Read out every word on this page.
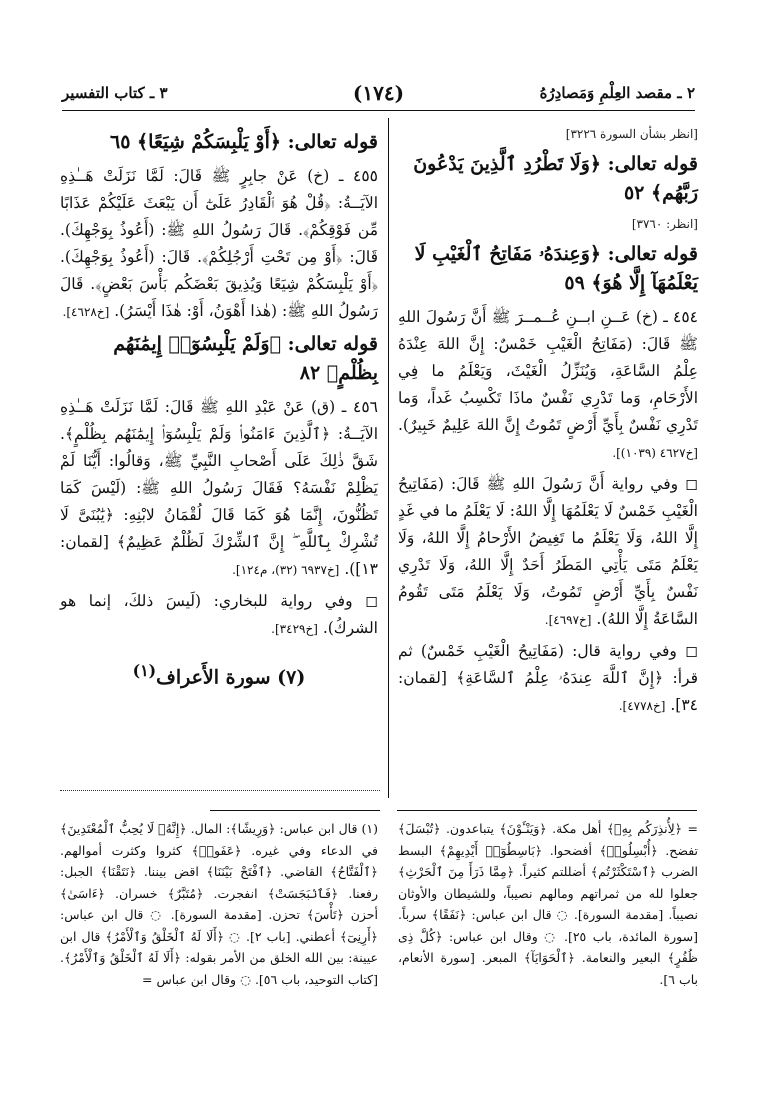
٢ ـ مقصد العِلْمِ وَمَصادِرُهُ
(١٧٤)
٣ ـ كتاب التفسير
[انظر بشأن السورة ٣٢٢٦]
قوله تعالى: ﴿وَلَا تَطْرُدِ ٱلَّذِينَ يَدْعُونَ رَبَّهُم﴾ ٥٢
[انظر: ٣٧٦٠]
قوله تعالى: ﴿وَعِندَهُۥ مَفَاتِحُ ٱلْغَيْبِ لَا يَعْلَمُهَآ إِلَّا هُوَ﴾ ٥٩

٤٥٤ ـ (خ) عَــنِ ابــنِ عُــمــرَ ﷺ أَنَّ رَسُولَ اللهِ ﷺ قَالَ: (مَفَاتِحُ الْغَيْبِ خَمْسٌ: إِنَّ اللهَ عِنْدَهُ عِلْمُ السَّاعَةِ، وَيُنَزِّلُ الْغَيْثَ، وَيَعْلَمُ ما فِي الأَرْحَامِ، وَما تَدْرِي نَفْسٌ ماذَا تَكْسِبُ غَداً، وَما تَدْرِي نَفْسٌ بِأَيِّ أَرْضٍ تَمُوتُ إِنَّ اللهَ عَلِيمٌ خَبِيرٌ). [خ٤٦٢٧ (١٠٣٩)].

◻ وفي رواية أَنَّ رَسُولَ اللهِ ﷺ قَالَ: (مَفَاتِيحُ الْغَيْبِ خَمْسٌ لَا يَعْلَمُهَا إِلَّا اللهُ: لَا يَعْلَمُ ما في غَدٍ إِلَّا اللهُ، وَلَا يَعْلَمُ ما تَغِيضُ الأَرْحامُ إِلَّا اللهُ، وَلَا يَعْلَمُ مَتَى يَأْتِي المَطَرُ أَحَدٌ إِلَّا اللهُ، وَلَا تَدْرِي نَفْسٌ بِأَيِّ أَرْضٍ تَمُوتُ، وَلَا يَعْلَمُ مَتَى تَقُومُ السَّاعَةُ إِلَّا اللهُ). [خ٤٦٩٧].

◻ وفي رواية قال: (مَفَاتِيحُ الْغَيْبِ خَمْسٌ) ثم قرأ: ﴿إِنَّ ٱللَّهَ عِندَهُۥ عِلْمُ ٱلسَّاعَةِ﴾ [لقمان: ٣٤]. [خ٤٧٧٨].

قوله تعالى: ﴿أَوْ يَلْبِسَكُمْ شِيَعًا﴾ ٦٥

٤٥٥ ـ (خ) عَنْ جابِرٍ ﷺ قَالَ: لَمَّا نَزَلَتْ هَــٰذِهِ الآيَــةُ: ﴿قُلْ هُوَ ٱلْقَادِرُ عَلَىٰٓ أَن يَبْعَثَ عَلَيْكُمْ عَذَابًا مِّن فَوْقِكُمْ﴾. قَالَ رَسُولُ اللهِ ﷺ: (أَعُوذُ بِوَجْهِكَ). قَالَ: ﴿أَوْ مِن تَحْتِ أَرْجُلِكُمْ﴾. قَالَ: (أَعُوذُ بِوَجْهِكَ). ﴿أَوْ يَلْبِسَكُمْ شِيَعًا وَيُذِيقَ بَعْضَكُم بَأْسَ بَعْضٍ﴾. قَالَ رَسُولُ اللهِ ﷺ: (هٰذا أَهْوَنُ، أَوْ: هٰذَا أَيْسَرُ). [خ٤٦٢٨].

قوله تعالى: ﴿وَلَمْ يَلْبِسُوٓا۟ إِيمَٰنَهُم بِظُلْمٍ﴾ ٨٢

٤٥٦ ـ (ق) عَنْ عَبْدِ اللهِ ﷺ قَالَ: لَمَّا نَزَلَتْ هَــٰذِهِ الآيَــةُ: ﴿ٱلَّذِينَ ءَامَنُوا۟ وَلَمْ يَلْبِسُوٓا۟ إِيمَٰنَهُم بِظُلْمٍ﴾. شَقَّ ذٰلِكَ عَلَى أَصْحابِ النَّبِيِّ ﷺ، وَقالُوا: أَيُّنَا لَمْ يَظْلِمْ نَفْسَهُ؟ فَقَالَ رَسُولُ اللهِ ﷺ: (لَيْسَ كَمَا تَظُنُّونَ، إِنَّمَا هُوَ كَمَا قَالَ لُقْمَانُ لابْنِهِ: ﴿يَٰبُنَىَّ لَا تُشْرِكْ بِٱللَّهِ ۖ إِنَّ ٱلشِّرْكَ لَظُلْمٌ عَظِيمٌ﴾ [لقمان: ١٣]). [خ٦٩٣٧ (٣٢)، م١٢٤].

◻ وفي رواية للبخاري: (لَيسَ ذلكَ، إنما هو الشركُ). [خ٣٤٢٩].

(٧) سورة الأَعراف$^{(١)}$

= ﴿لِأُنذِرَكُم بِهِۦ﴾ أهل مكة. ﴿وَيَنْـَٔوْنَ﴾ يتباعدون. ﴿تُبْسَلَ﴾ تفضح. ﴿أُبْسِلُوا۟﴾ أفضحوا. ﴿بَاسِطُوٓا۟ أَيْدِيهِمْ﴾ البسط الضرب ﴿ٱسْتَكْثَرْتُم﴾ أضللتم كثيراً. ﴿مِمَّا ذَرَأَ مِنَ ٱلْحَرْثِ﴾ جعلوا لله من ثمراتهم ومالهم نصيباً، وللشيطان والأوثان نصيباً. [مقدمة السورة]. ◌ قال ابن عباس: ﴿نَفَقًا﴾ سرباً. [سورة المائدة، باب ٢٥]. ◌ وقال ابن عباس: ﴿كُلَّ ذِى ظُفُرٍ﴾ البعير والنعامة. ﴿ٱلْحَوَايَآ﴾ المبعر. [سورة الأنعام، باب ٦].

(١) قال ابن عباس: ﴿وَرِيشًا﴾: المال. ﴿إِنَّهُۥ لَا يُحِبُّ ٱلْمُعْتَدِينَ﴾ في الدعاء وفي غيره. ﴿عَفَوا۟﴾ كثروا وكثرت أموالهم. ﴿ٱلْفَتَّاحُ﴾ القاضي. ﴿ٱفْتَحْ بَيْنَنَا﴾ اقض بيننا. ﴿نَتَقْنَا﴾ الجبل: رفعنا. ﴿فَٱنۢبَجَسَتْ﴾ انفجرت. ﴿مُتَبَّرٌ﴾ خسران. ﴿ءَاسَىٰ﴾ أحزن ﴿تَأْسَ﴾ تحزن. [مقدمة السورة]. ◌ قال ابن عباس: ﴿أَرِنِىٓ﴾ أعطني. [باب ٢]. ◌ ﴿أَلَا لَهُ ٱلْخَلْقُ وَٱلْأَمْرُ﴾ قال ابن عيينة: بين الله الخلق من الأمر بقوله: ﴿أَلَا لَهُ ٱلْخَلْقُ وَٱلْأَمْرُ﴾. [كتاب التوحيد، باب ٥٦]. ◌ وقال ابن عباس =
